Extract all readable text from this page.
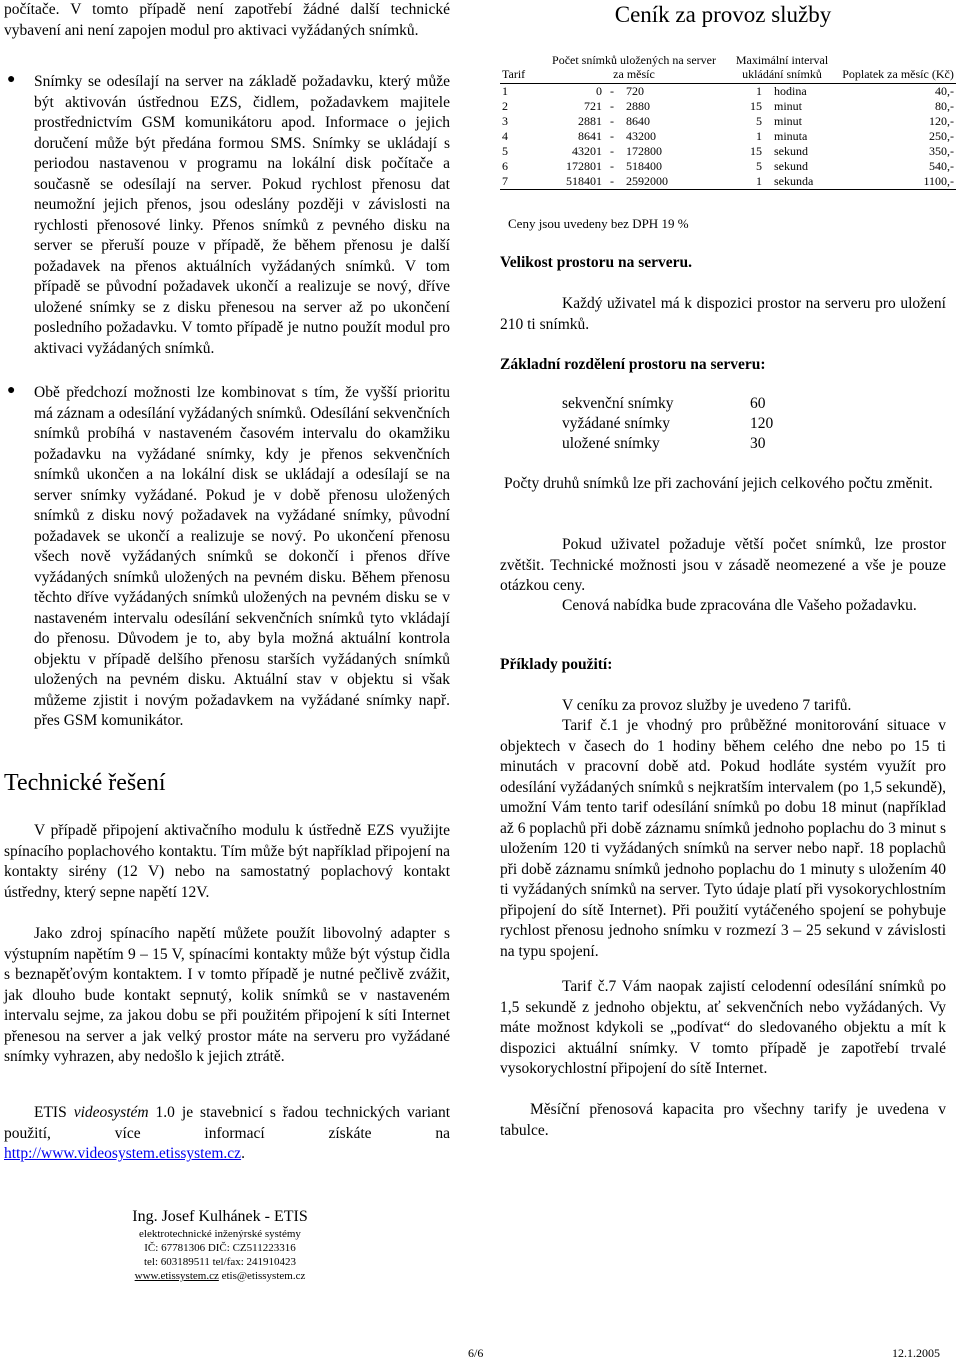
počítače. V tomto případě není zapotřebí žádné další technické vybavení ani není zapojen modul pro aktivaci vyžádaných snímků.

● Snímky se odesílají na server na základě požadavku, který může být aktivován ústřednou EZS, čidlem, požadavkem majitele prostřednictvím GSM komunikátoru apod. Informace o jejich doručení může být předána formou SMS. Snímky se ukládají s periodou nastavenou v programu na lokální disk počítače a současně se odesílají na server. Pokud rychlost přenosu dat neumožní jejich přenos, jsou odeslány později v závislosti na rychlosti přenosové linky. Přenos snímků z pevného disku na server se přeruší pouze v případě, že během přenosu je další požadavek na přenos aktuálních vyžádaných snímků. V tom případě se původní požadavek ukončí a realizuje se nový, dříve uložené snímky se z disku přenesou na server až po ukončení posledního požadavku. V tomto případě je nutno použít modul pro aktivaci vyžádaných snímků.

● Obě předchozí možnosti lze kombinovat s tím, že vyšší prioritu má záznam a odesílání vyžádaných snímků. Odesílání sekvenčních snímků probíhá v nastaveném časovém intervalu do okamžiku požadavku na vyžádané snímky, kdy je přenos sekvenčních snímků ukončen a na lokální disk se ukládají a odesílají se na server snímky vyžádané. Pokud je v době přenosu uložených snímků z disku nový požadavek na vyžádané snímky, původní požadavek se ukončí a realizuje se nový. Po ukončení přenosu všech nově vyžádaných snímků se dokončí i přenos dříve vyžádaných snímků uložených na pevném disku. Během přenosu těchto dříve vyžádaných snímků uložených na pevném disku se v nastaveném intervalu odesílání sekvenčních snímků tyto vkládají do přenosu. Důvodem je to, aby byla možná aktuální kontrola objektu v případě delšího přenosu starších vyžádaných snímků uložených na pevném disku. Aktuální stav v objektu si však můžeme zjistit i novým požadavkem na vyžádané snímky např. přes GSM komunikátor.

Technické řešení

V případě připojení aktivačního modulu k ústředně EZS využijte spínacího poplachového kontaktu. Tím může být například připojení na kontakty sirény (12 V) nebo na samostatný poplachový kontakt ústředny, který sepne napětí 12V.

Jako zdroj spínacího napětí můžete použít libovolný adapter s výstupním napětím 9 – 15 V, spínacími kontakty může být výstup čidla s beznapěťovým kontaktem. I v tomto případě je nutné pečlivě zvážit, jak dlouho bude kontakt sepnutý, kolik snímků se v nastaveném intervalu sejme, za jakou dobu se při použitém připojení k síti Internet přenesou na server a jak velký prostor máte na serveru pro vyžádané snímky vyhrazen, aby nedošlo k jejich ztrátě.

ETIS videosystém 1.0 je stavebnicí s řadou technických variant použití, více informací získáte na http://www.videosystem.etissystem.cz.

Ing. Josef Kulhánek - ETIS
elektrotechnické inženýrské systémy
IČ: 67781306 DIČ: CZ511223316
tel: 603189511 tel/fax: 241910423
www.etissystem.cz etis@etissystem.cz
6/6	12.1.2005
Ceník za provoz služby
Tarif	Počet snímků uložených na server za měsíc			Maximální interval ukládání snímků		Poplatek za měsíc (Kč)
1	0	-	720	1	hodina	40,-
2	721	-	2880	15	minut	80,-
3	2881	-	8640	5	minut	120,-
4	8641	-	43200	1	minuta	250,-
5	43201	-	172800	15	sekund	350,-
6	172801	-	518400	5	sekund	540,-
7	518401	-	2592000	1	sekunda	1100,-
Ceny jsou uvedeny bez DPH 19 %
Velikost prostoru na serveru.

Každý uživatel má k dispozici prostor na serveru pro uložení 210 ti snímků.

Základní rozdělení prostoru na serveru:
sekvenční snímky	60
vyžádané snímky	120
uložené snímky	30

Počty druhů snímků lze při zachování jejich celkového počtu změnit.

Pokud uživatel požaduje větší počet snímků, lze prostor zvětšit. Technické možnosti jsou v zásadě neomezené a vše je pouze otázkou ceny.

Cenová nabídka bude zpracována dle Vašeho požadavku.

Příklady použití:

V ceníku za provoz služby je uvedeno 7 tarifů.

Tarif č.1 je vhodný pro průběžné monitorování situace v objektech v časech do 1 hodiny během celého dne nebo po 15 ti minutách v pracovní době atd. Pokud hodláte systém využít pro odesílání vyžádaných snímků s nejkratším intervalem (po 1,5 sekundě), umožní Vám tento tarif odesílání snímků po dobu 18 minut (například až 6 poplachů při době záznamu snímků jednoho poplachu do 3 minut s uložením 120 ti vyžádaných snímků na server nebo např. 18 poplachů při době záznamu snímků jednoho poplachu do 1 minuty s uložením 40 ti vyžádaných snímků na server. Tyto údaje platí při vysokorychlostním připojení do sítě Internet). Při použití vytáčeného spojení se pohybuje rychlost přenosu jednoho snímku v rozmezí 3 – 25 sekund v závislosti na typu spojení.

Tarif č.7 Vám naopak zajistí celodenní odesílání snímků po 1,5 sekundě z jednoho objektu, ať sekvenčních nebo vyžádaných. Vy máte možnost kdykoli se „podívat“ do sledovaného objektu a mít k dispozici aktuální snímky. V tomto případě je zapotřebí trvalé vysokorychlostní připojení do sítě Internet.

Měsíční přenosová kapacita pro všechny tarify je uvedena v tabulce.
